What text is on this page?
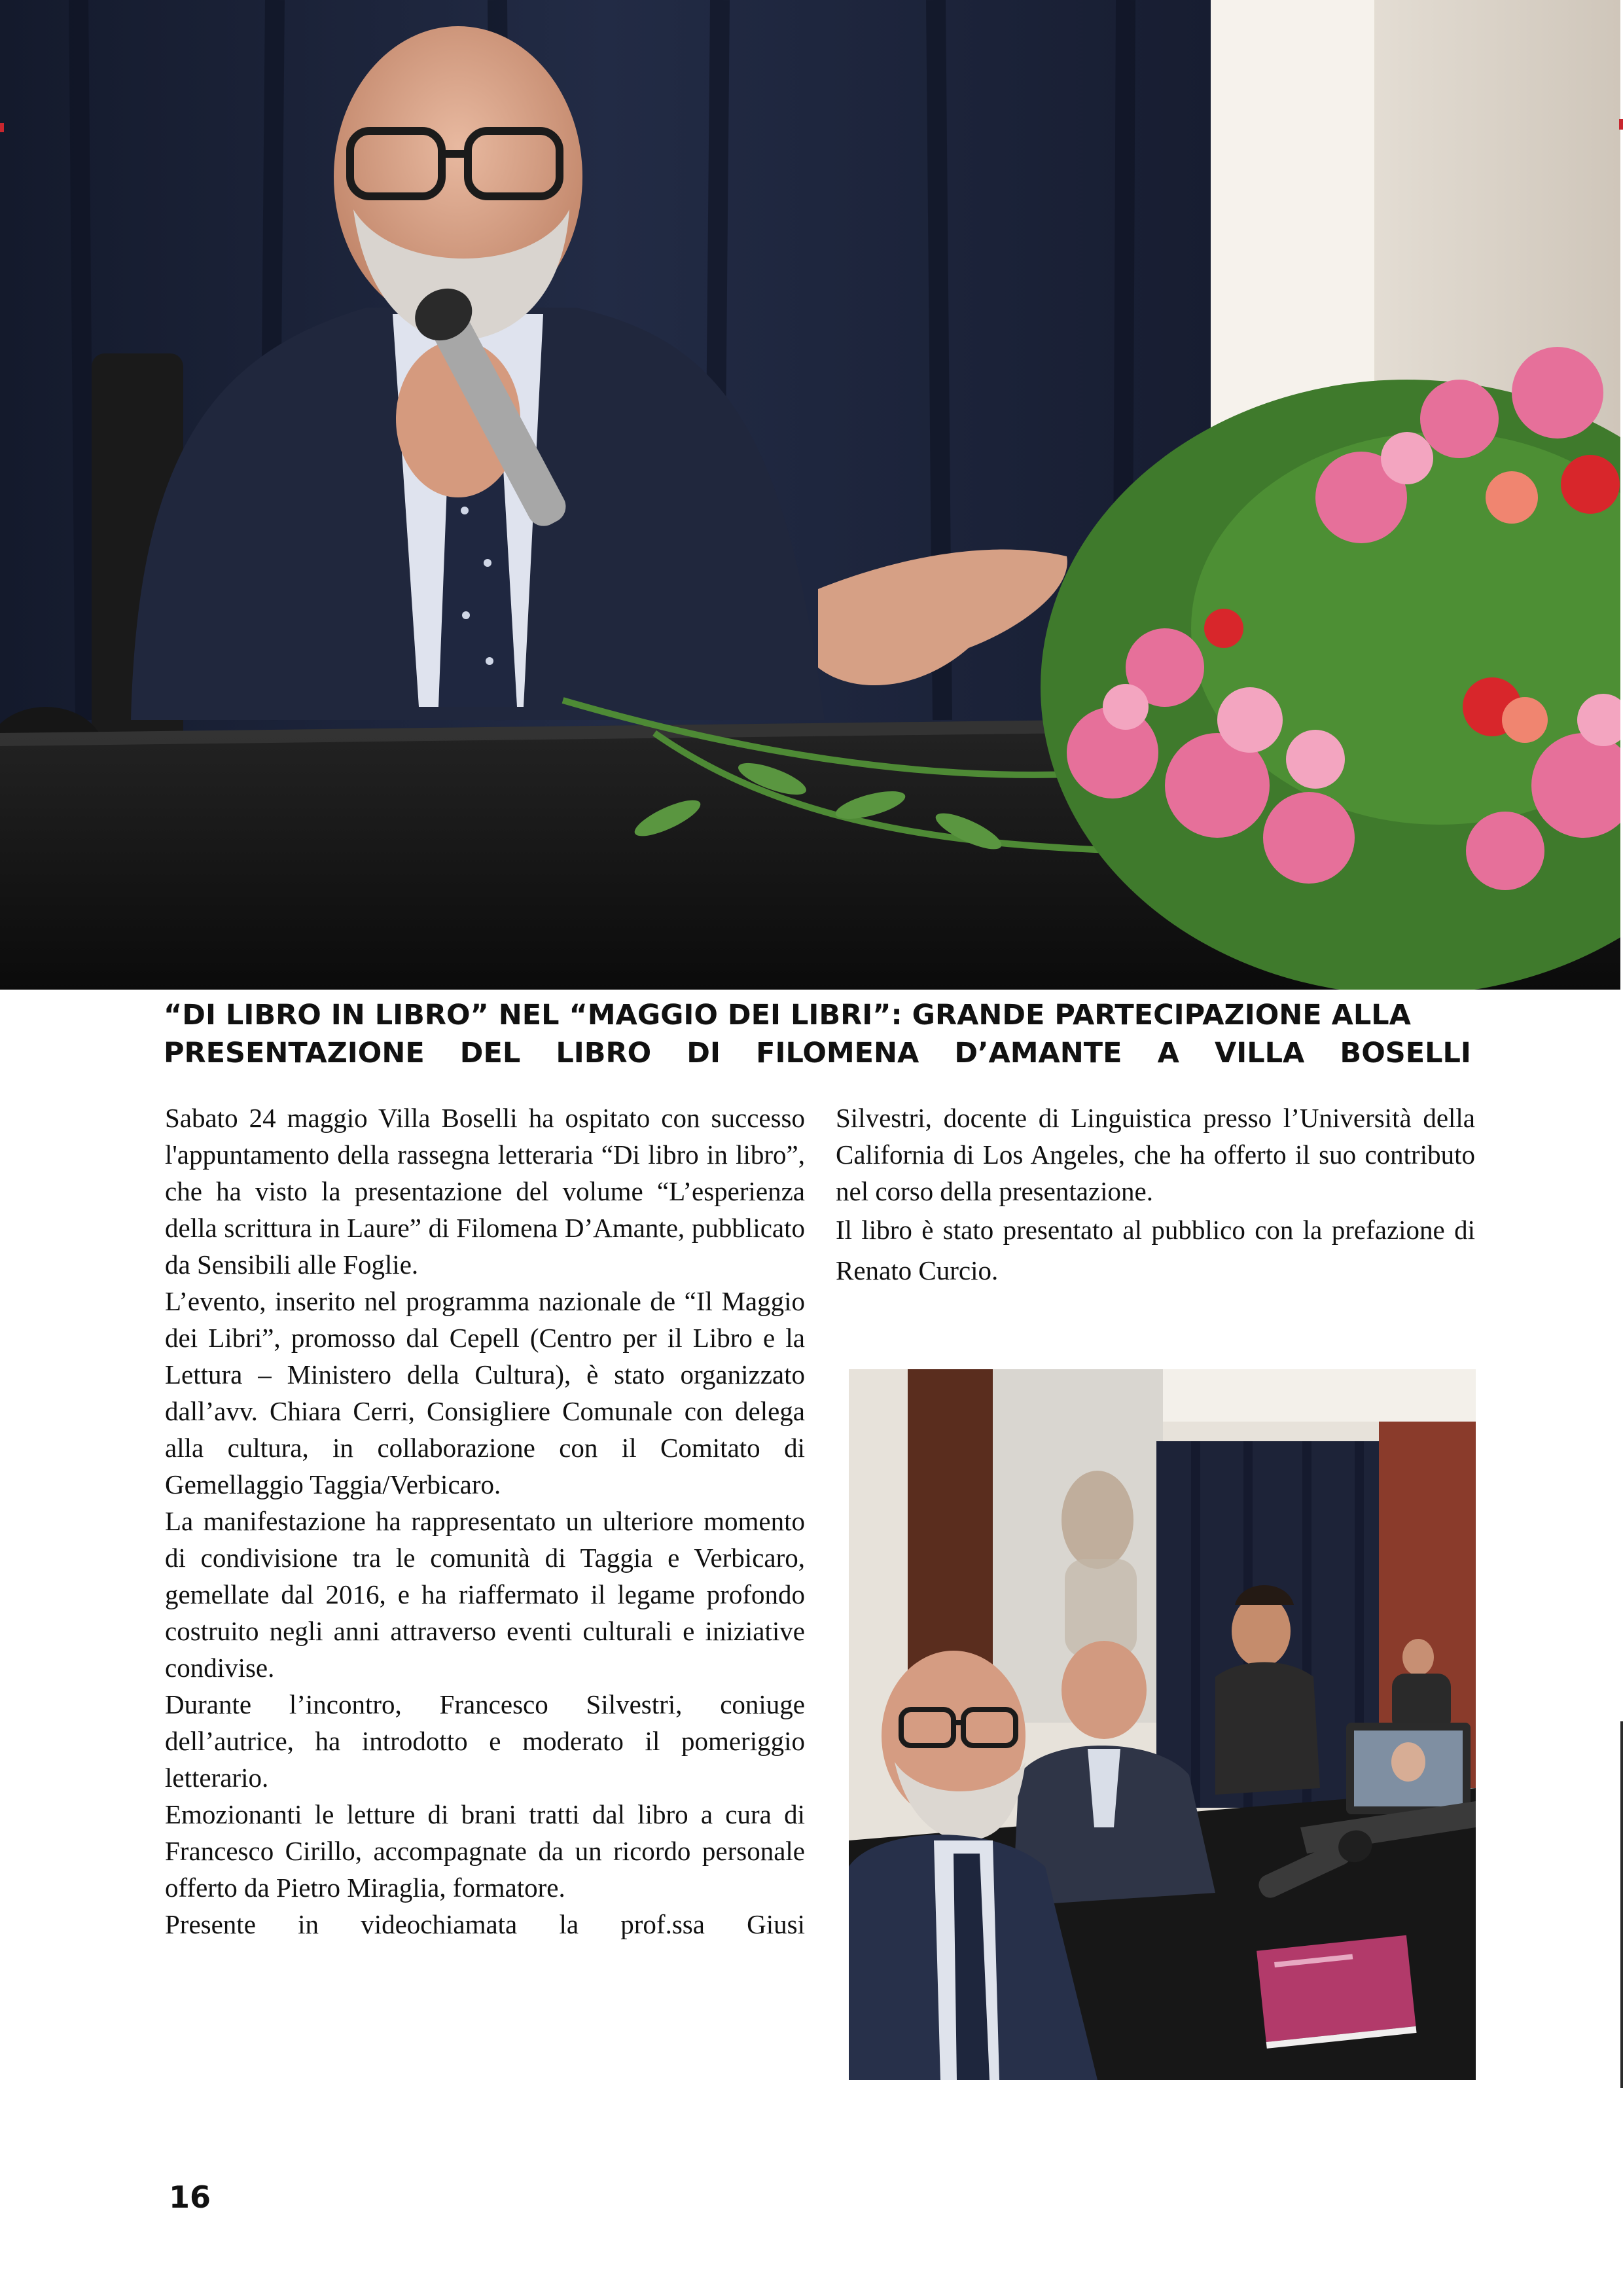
“DI LIBRO IN LIBRO” NEL “MAGGIO DEI LIBRI”: GRANDE PARTECIPAZIONE ALLA
PRESENTAZIONE DEL LIBRO DI FILOMENA D’AMANTE A VILLA BOSELLI

Sabato 24 maggio Villa Boselli ha ospitato con successo l'appuntamento della rassegna letteraria “Di libro in libro”, che ha visto la presentazione del volume “L’esperienza della scrittura in Laure” di Filomena D’Amante, pubblicato da Sensibili alle Foglie.

L’evento, inserito nel programma nazionale de “Il Maggio dei Libri”, promosso dal Cepell (Centro per il Libro e la Lettura – Ministero della Cultura), è stato organizzato dall’avv. Chiara Cerri, Consigliere Comunale con delega alla cultura, in collaborazione con il Comitato di Gemellaggio Taggia/Verbicaro.

La manifestazione ha rappresentato un ulteriore momento di condivisione tra le comunità di Taggia e Verbicaro, gemellate dal 2016, e ha riaffermato il legame profondo costruito negli anni attraverso eventi culturali e iniziative condivise.

Durante l’incontro, Francesco Silvestri, coniuge dell’autrice, ha introdotto e moderato il pomeriggio letterario.

Emozionanti le letture di brani tratti dal libro a cura di Francesco Cirillo, accompagnate da un ricordo personale offerto da Pietro Miraglia, formatore.

Presente in videochiamata la prof.ssa Giusi

Silvestri, docente di Linguistica presso l’Università della California di Los Angeles, che ha offerto il suo contributo nel corso della presentazione.

Il libro è stato presentato al pubblico con la prefazione di Renato Curcio.

16
